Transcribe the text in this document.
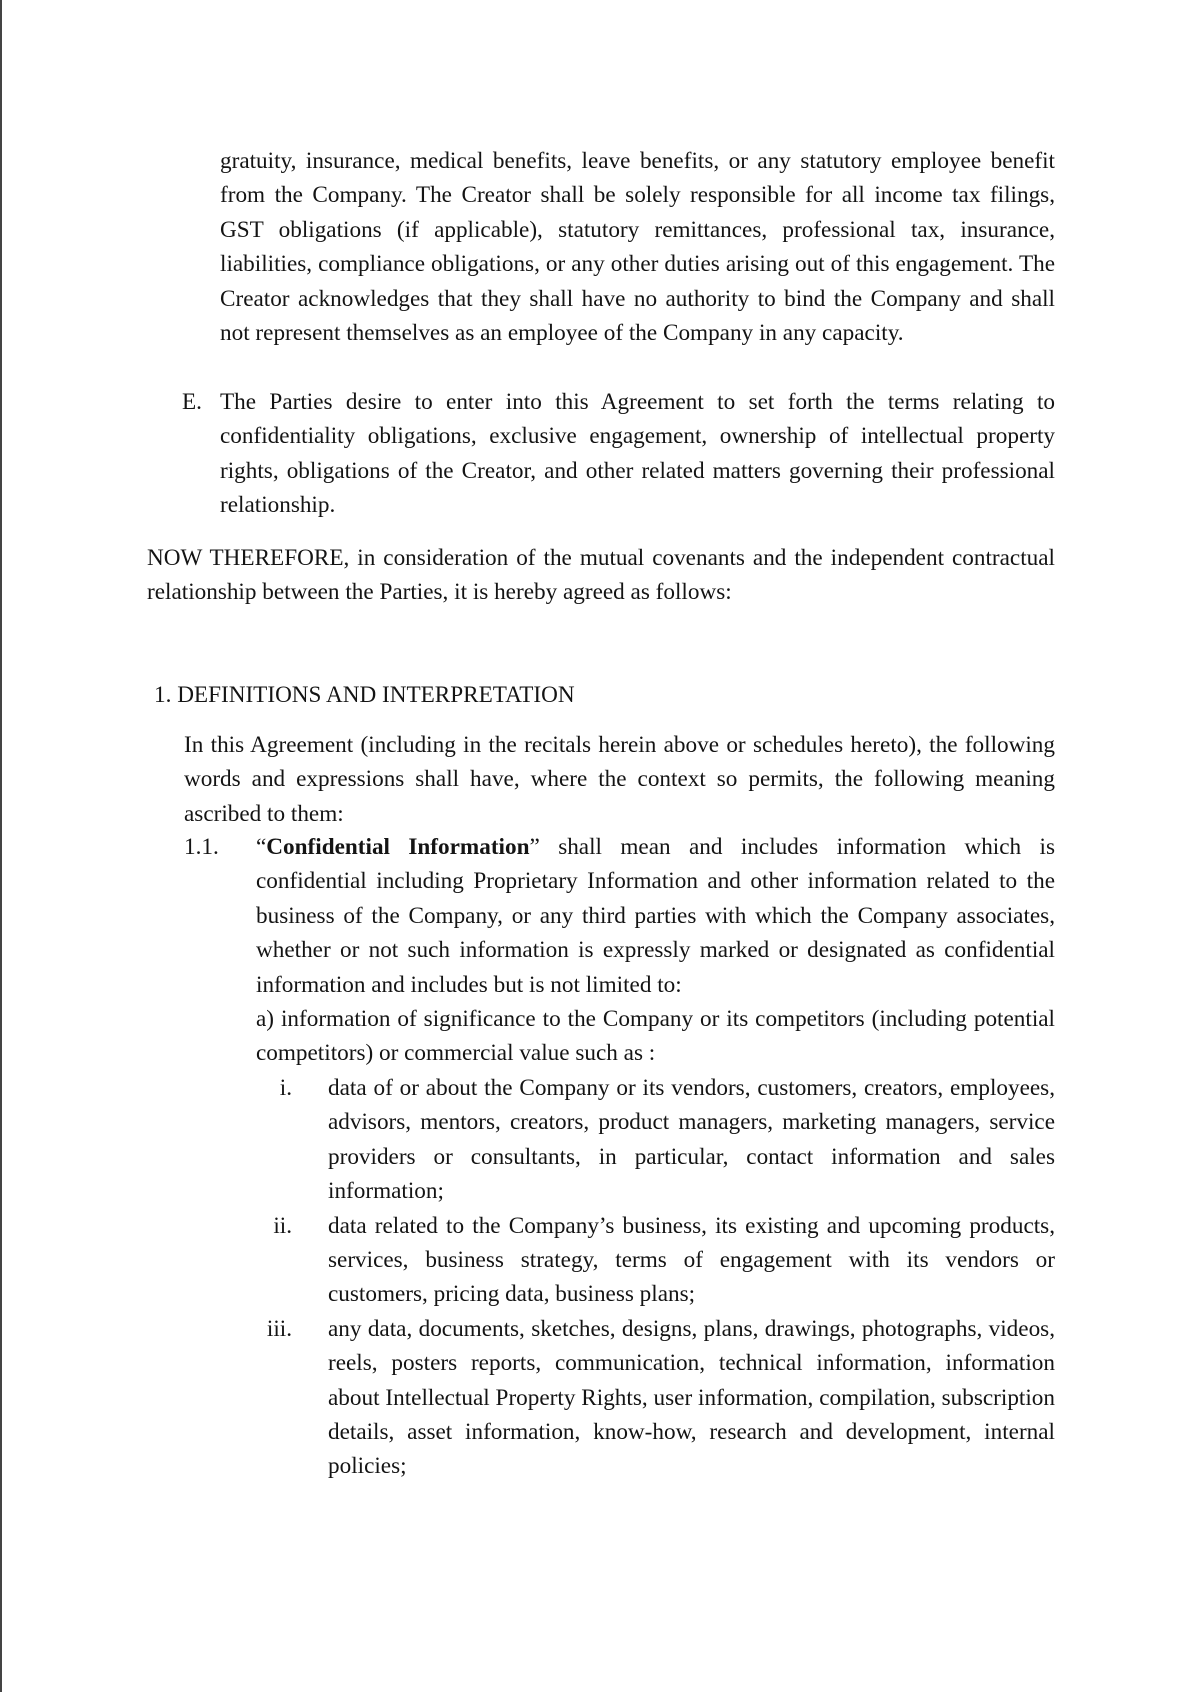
gratuity, insurance, medical benefits, leave benefits, or any statutory employee benefit from the Company. The Creator shall be solely responsible for all income tax filings, GST obligations (if applicable), statutory remittances, professional tax, insurance, liabilities, compliance obligations, or any other duties arising out of this engagement. The Creator acknowledges that they shall have no authority to bind the Company and shall not represent themselves as an employee of the Company in any capacity.

E. The Parties desire to enter into this Agreement to set forth the terms relating to confidentiality obligations, exclusive engagement, ownership of intellectual property rights, obligations of the Creator, and other related matters governing their professional relationship.

NOW THEREFORE, in consideration of the mutual covenants and the independent contractual relationship between the Parties, it is hereby agreed as follows:

1. DEFINITIONS AND INTERPRETATION

In this Agreement (including in the recitals herein above or schedules hereto), the following words and expressions shall have, where the context so permits, the following meaning ascribed to them:

1.1.	“Confidential Information” shall mean and includes information which is confidential including Proprietary Information and other information related to the business of the Company, or any third parties with which the Company associates, whether or not such information is expressly marked or designated as confidential information and includes but is not limited to:

a) information of significance to the Company or its competitors (including potential competitors) or commercial value such as :

i.	data of or about the Company or its vendors, customers, creators, employees, advisors, mentors, creators, product managers, marketing managers, service providers or consultants, in particular, contact information and sales information;

ii.	data related to the Company’s business, its existing and upcoming products, services, business strategy, terms of engagement with its vendors or customers, pricing data, business plans;

iii.	any data, documents, sketches, designs, plans, drawings, photographs, videos, reels, posters reports, communication, technical information, information about Intellectual Property Rights, user information, compilation, subscription details, asset information, know-how, research and development, internal policies;
